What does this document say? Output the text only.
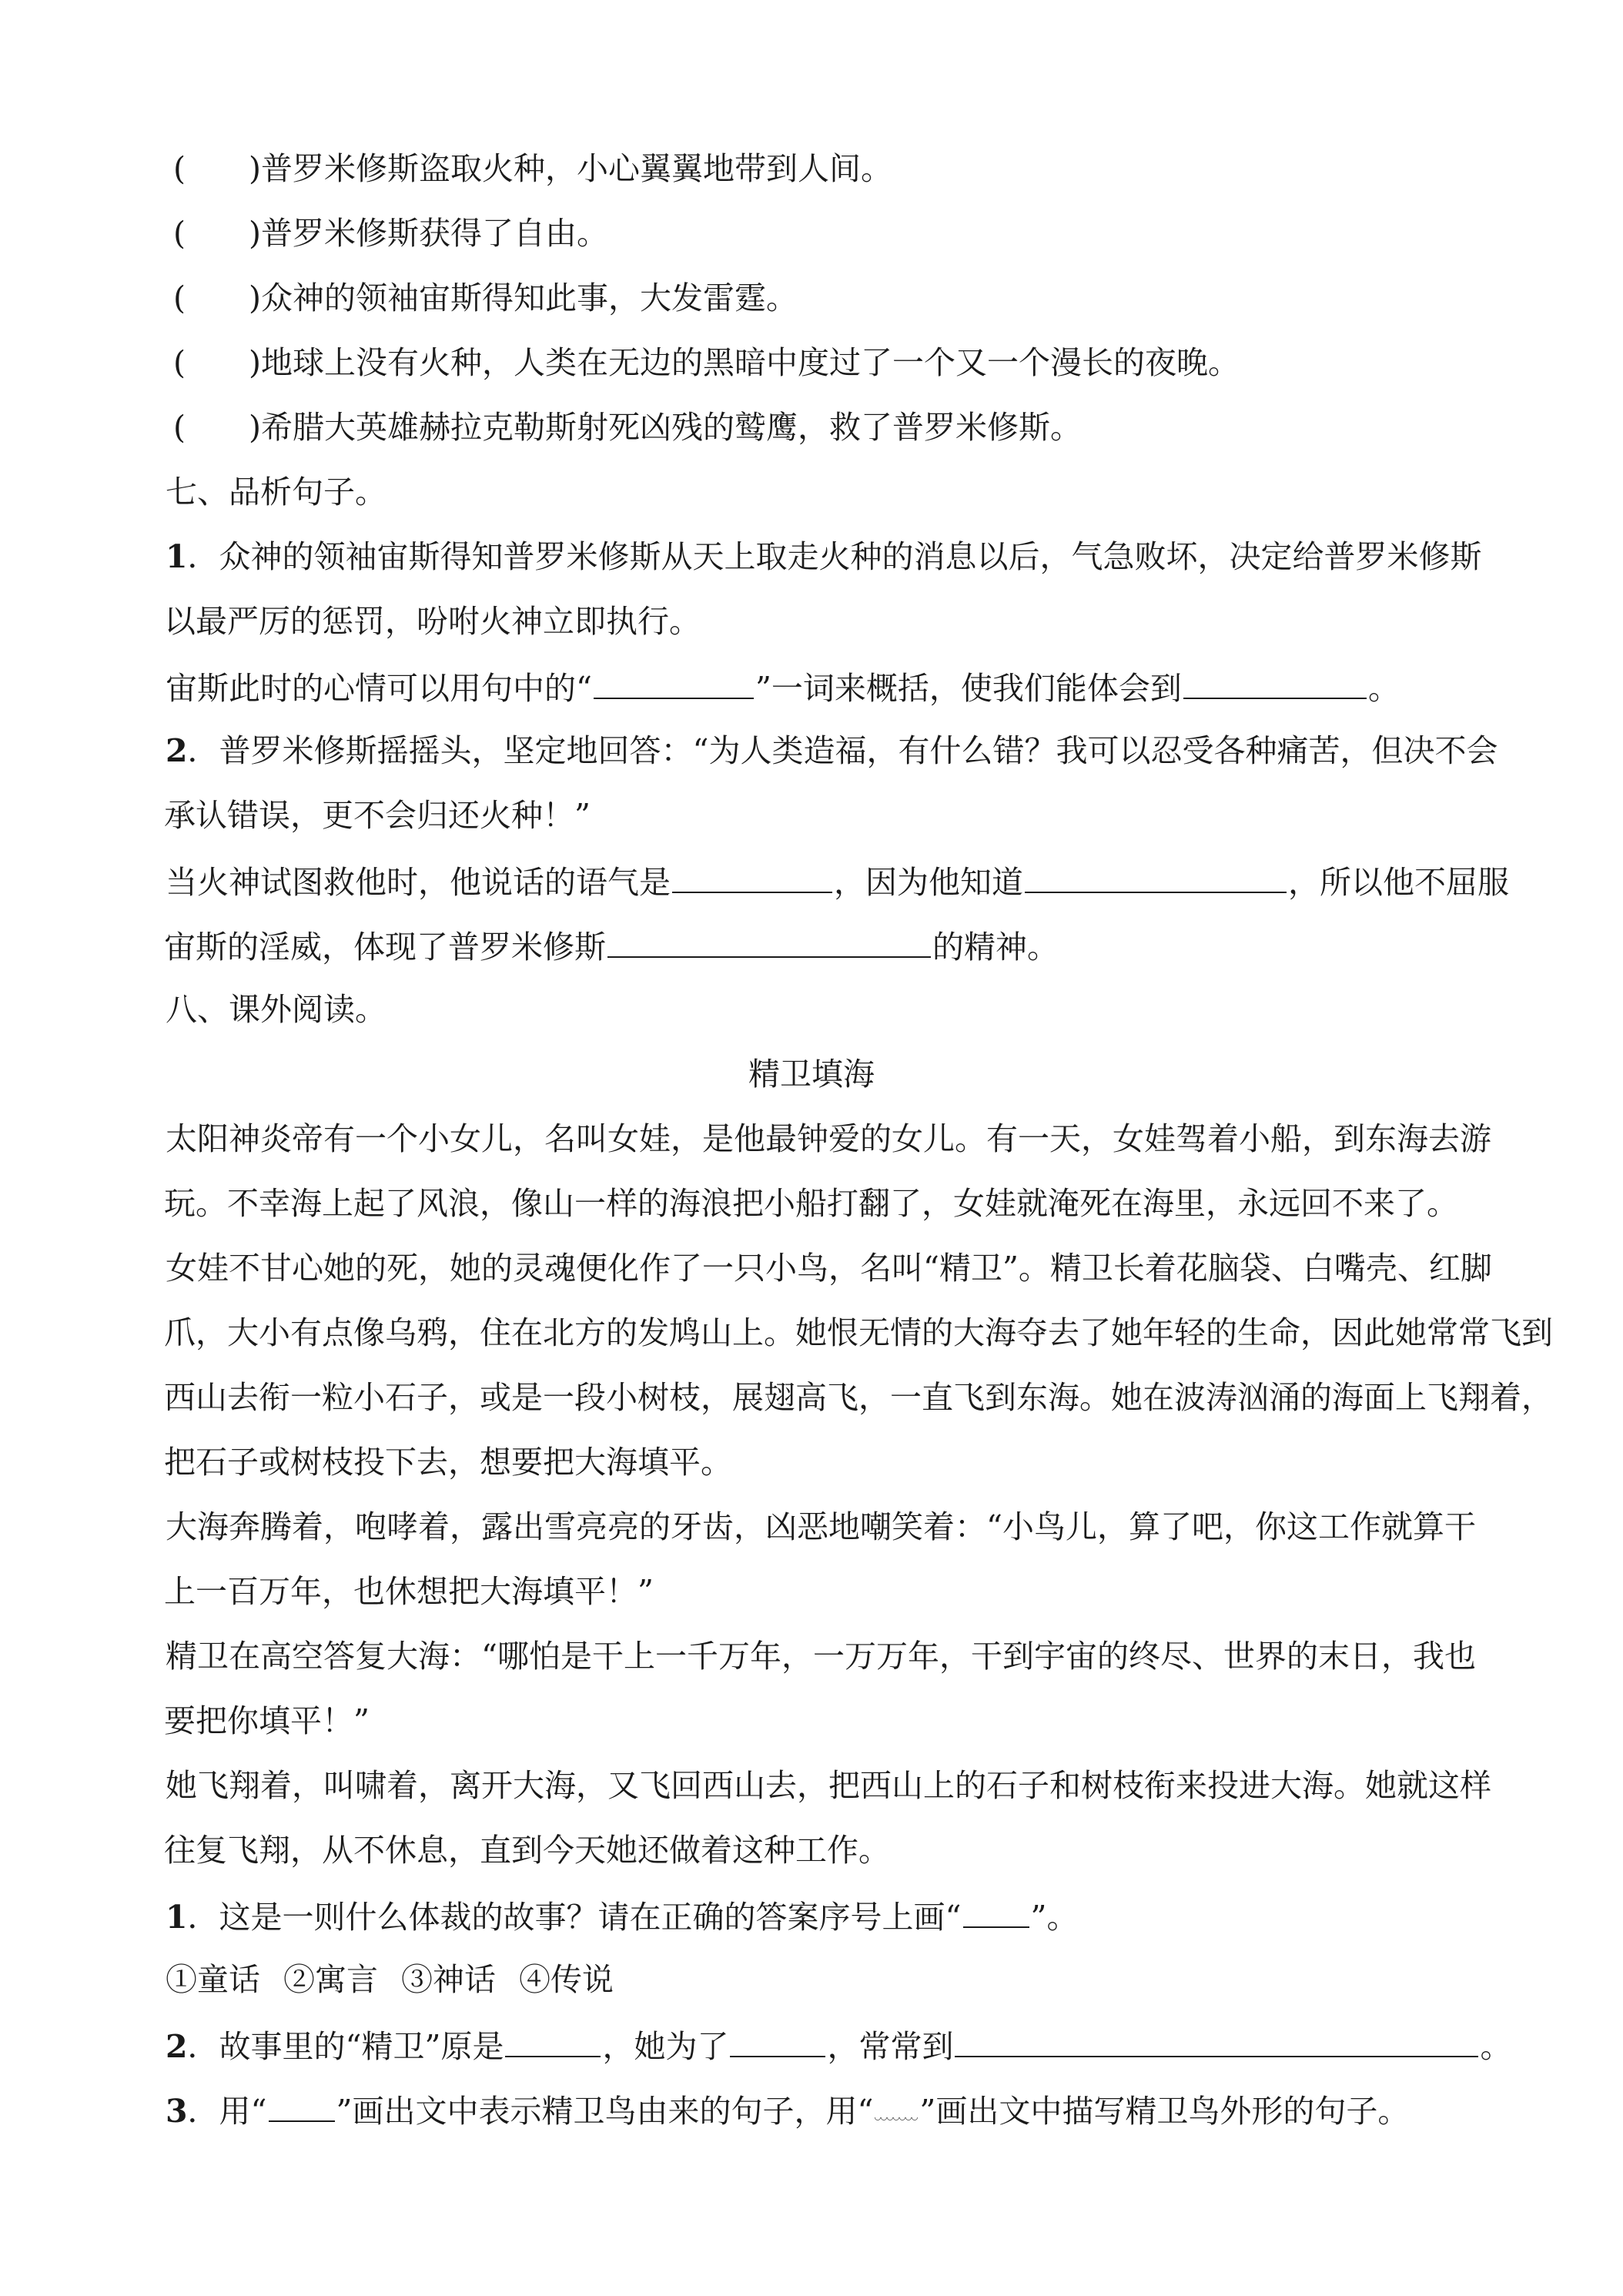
(　　)普罗米修斯盗取火种，小心翼翼地带到人间。
(　　)普罗米修斯获得了自由。
(　　)众神的领袖宙斯得知此事，大发雷霆。
(　　)地球上没有火种，人类在无边的黑暗中度过了一个又一个漫长的夜晚。
(　　)希腊大英雄赫拉克勒斯射死凶残的鹫鹰，救了普罗米修斯。
七、品析句子。
1．众神的领袖宙斯得知普罗米修斯从天上取走火种的消息以后，气急败坏，决定给普罗米修斯
以最严厉的惩罚，吩咐火神立即执行。
宙斯此时的心情可以用句中的“	”一词来概括，使我们能体会到	。
2．普罗米修斯摇摇头，坚定地回答：“为人类造福，有什么错？我可以忍受各种痛苦，但决不会
承认错误，更不会归还火种！”
当火神试图救他时，他说话的语气是	，因为他知道	，所以他不屈服
宙斯的淫威，体现了普罗米修斯	的精神。
八、课外阅读。
精卫填海
太阳神炎帝有一个小女儿，名叫女娃，是他最钟爱的女儿。有一天，女娃驾着小船，到东海去游
玩。不幸海上起了风浪，像山一样的海浪把小船打翻了，女娃就淹死在海里，永远回不来了。
女娃不甘心她的死，她的灵魂便化作了一只小鸟，名叫“精卫”。精卫长着花脑袋、白嘴壳、红脚
爪，大小有点像乌鸦，住在北方的发鸠山上。她恨无情的大海夺去了她年轻的生命，因此她常常飞到
西山去衔一粒小石子，或是一段小树枝，展翅高飞，一直飞到东海。她在波涛汹涌的海面上飞翔着，
把石子或树枝投下去，想要把大海填平。
大海奔腾着，咆哮着，露出雪亮亮的牙齿，凶恶地嘲笑着：“小鸟儿，算了吧，你这工作就算干
上一百万年，也休想把大海填平！”
精卫在高空答复大海：“哪怕是干上一千万年，一万万年，干到宇宙的终尽、世界的末日，我也
要把你填平！”
她飞翔着，叫啸着，离开大海，又飞回西山去，把西山上的石子和树枝衔来投进大海。她就这样
往复飞翔，从不休息，直到今天她还做着这种工作。
1．这是一则什么体裁的故事？请在正确的答案序号上画“ ”。
①童话 ②寓言 ③神话 ④传说
2．故事里的“精卫”原是	，她为了	，常常到	。
3．用“ ”画出文中表示精卫鸟由来的句子，用“ ”画出文中描写精卫鸟外形的句子。
